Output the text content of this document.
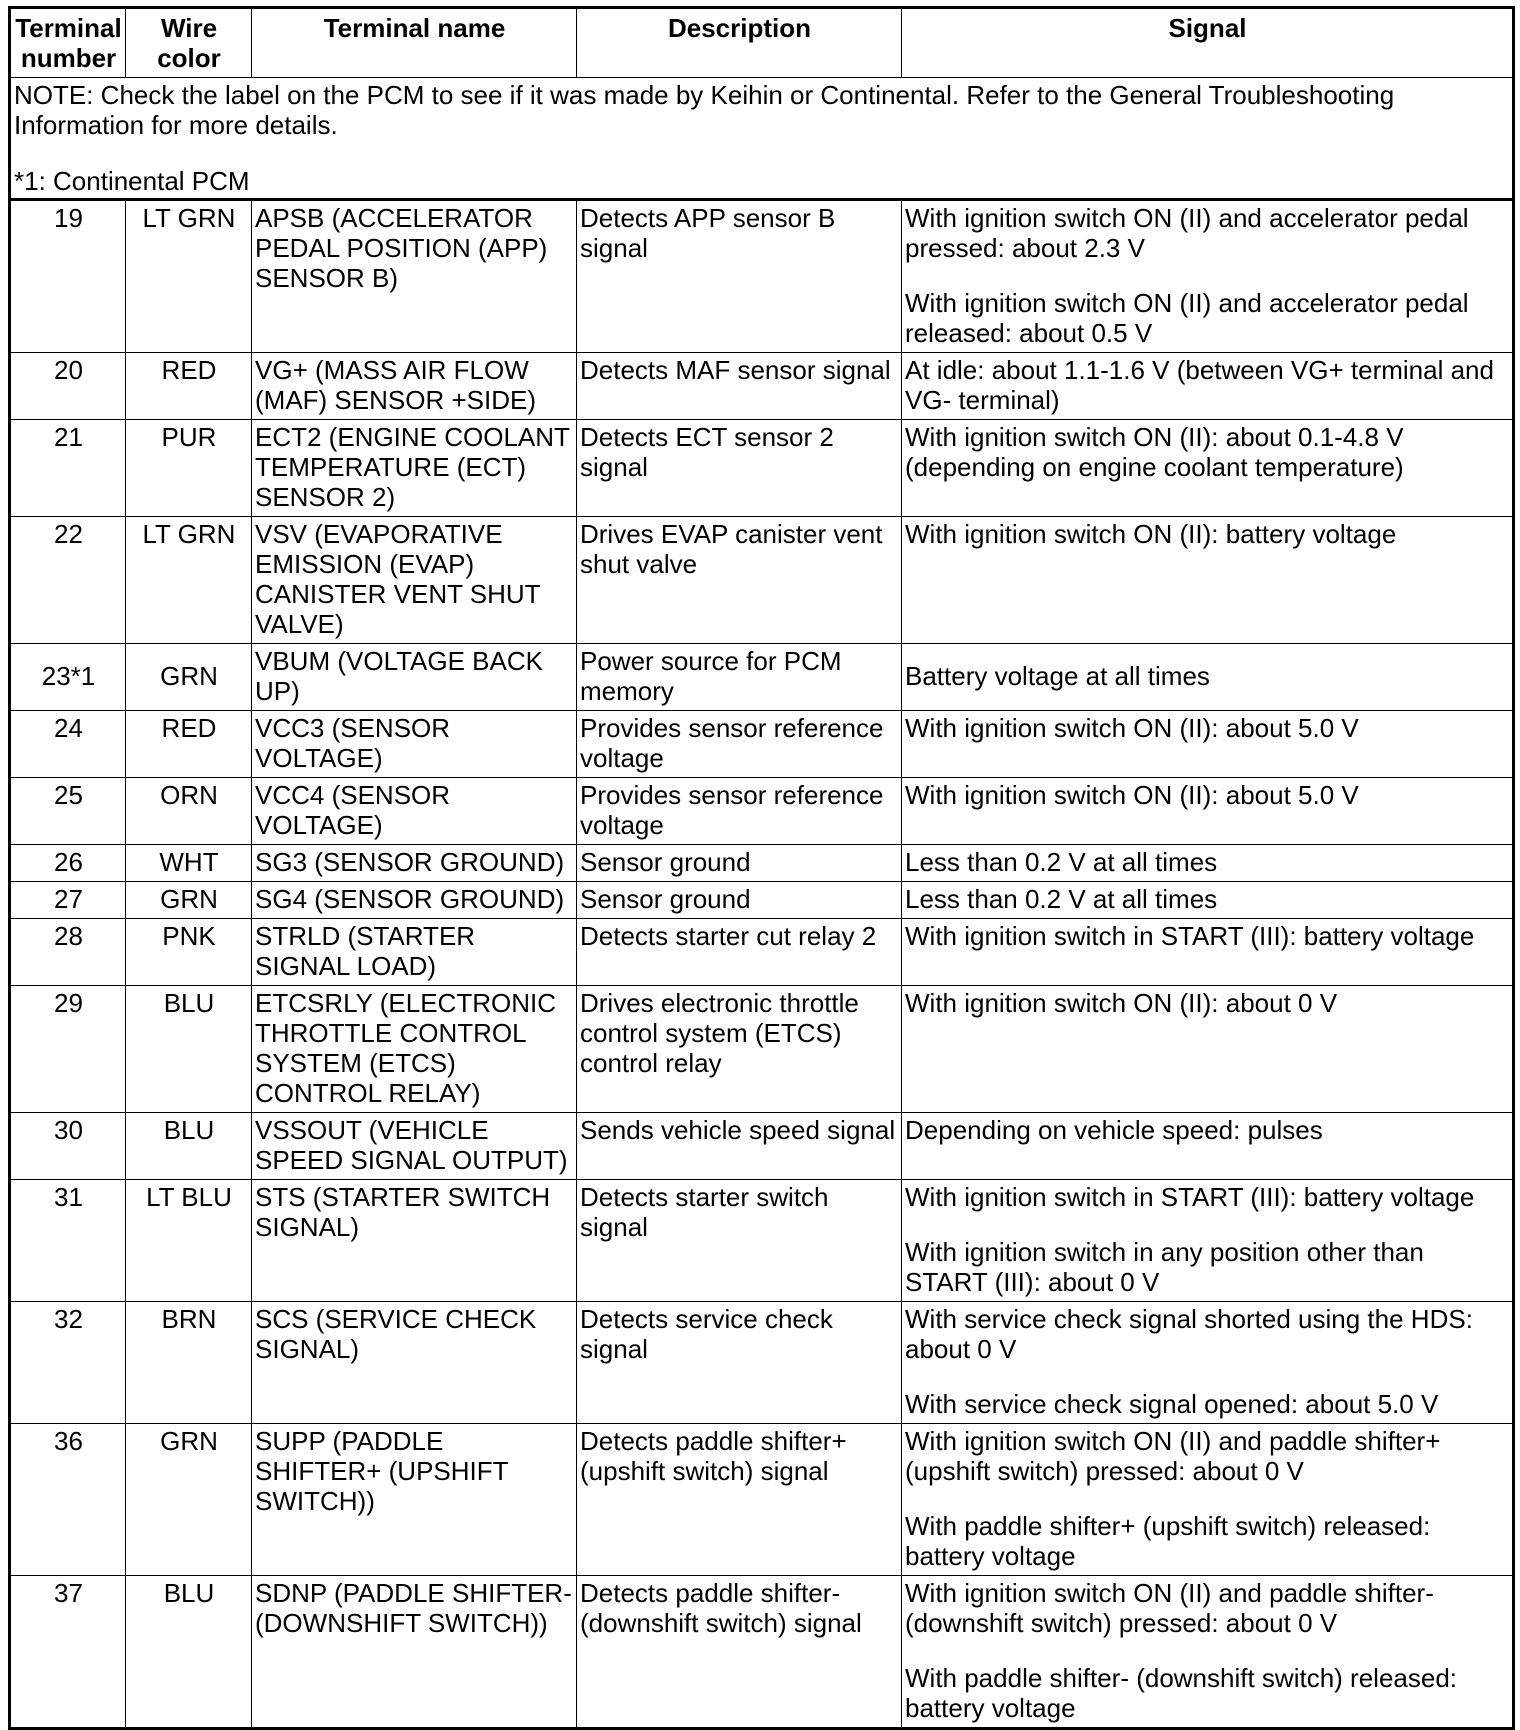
Terminal number	Wire color	Terminal name	Description	Signal

NOTE: Check the label on the PCM to see if it was made by Keihin or Continental. Refer to the General Troubleshooting Information for more details.
*1: Continental PCM				

19	LT GRN	APSB (ACCELERATOR PEDAL POSITION (APP) SENSOR B)	Detects APP sensor B signal	With ignition switch ON (II) and accelerator pedal pressed: about 2.3 V
With ignition switch ON (II) and accelerator pedal released: about 0.5 V

20	RED	VG+ (MASS AIR FLOW (MAF) SENSOR +SIDE)	Detects MAF sensor signal	At idle: about 1.1-1.6 V (between VG+ terminal and VG- terminal)

21	PUR	ECT2 (ENGINE COOLANT TEMPERATURE (ECT) SENSOR 2)	Detects ECT sensor 2 signal	With ignition switch ON (II): about 0.1-4.8 V (depending on engine coolant temperature)

22	LT GRN	VSV (EVAPORATIVE EMISSION (EVAP) CANISTER VENT SHUT VALVE)	Drives EVAP canister vent shut valve	With ignition switch ON (II): battery voltage

23*1	GRN	VBUM (VOLTAGE BACK UP)	Power source for PCM memory	Battery voltage at all times

24	RED	VCC3 (SENSOR VOLTAGE)	Provides sensor reference voltage	With ignition switch ON (II): about 5.0 V

25	ORN	VCC4 (SENSOR VOLTAGE)	Provides sensor reference voltage	With ignition switch ON (II): about 5.0 V

26	WHT	SG3 (SENSOR GROUND)	Sensor ground	Less than 0.2 V at all times

27	GRN	SG4 (SENSOR GROUND)	Sensor ground	Less than 0.2 V at all times

28	PNK	STRLD (STARTER SIGNAL LOAD)	Detects starter cut relay 2	With ignition switch in START (III): battery voltage

29	BLU	ETCSRLY (ELECTRONIC THROTTLE CONTROL SYSTEM (ETCS) CONTROL RELAY)	Drives electronic throttle control system (ETCS) control relay	With ignition switch ON (II): about 0 V

30	BLU	VSSOUT (VEHICLE SPEED SIGNAL OUTPUT)	Sends vehicle speed signal	Depending on vehicle speed: pulses

31	LT BLU	STS (STARTER SWITCH SIGNAL)	Detects starter switch signal	With ignition switch in START (III): battery voltage
With ignition switch in any position other than START (III): about 0 V

32	BRN	SCS (SERVICE CHECK SIGNAL)	Detects service check signal	With service check signal shorted using the HDS: about 0 V
With service check signal opened: about 5.0 V

36	GRN	SUPP (PADDLE SHIFTER+ (UPSHIFT SWITCH))	Detects paddle shifter+ (upshift switch) signal	With ignition switch ON (II) and paddle shifter+ (upshift switch) pressed: about 0 V
With paddle shifter+ (upshift switch) released: battery voltage

37	BLU	SDNP (PADDLE SHIFTER- (DOWNSHIFT SWITCH))	Detects paddle shifter- (downshift switch) signal	With ignition switch ON (II) and paddle shifter- (downshift switch) pressed: about 0 V
With paddle shifter- (downshift switch) released: battery voltage
